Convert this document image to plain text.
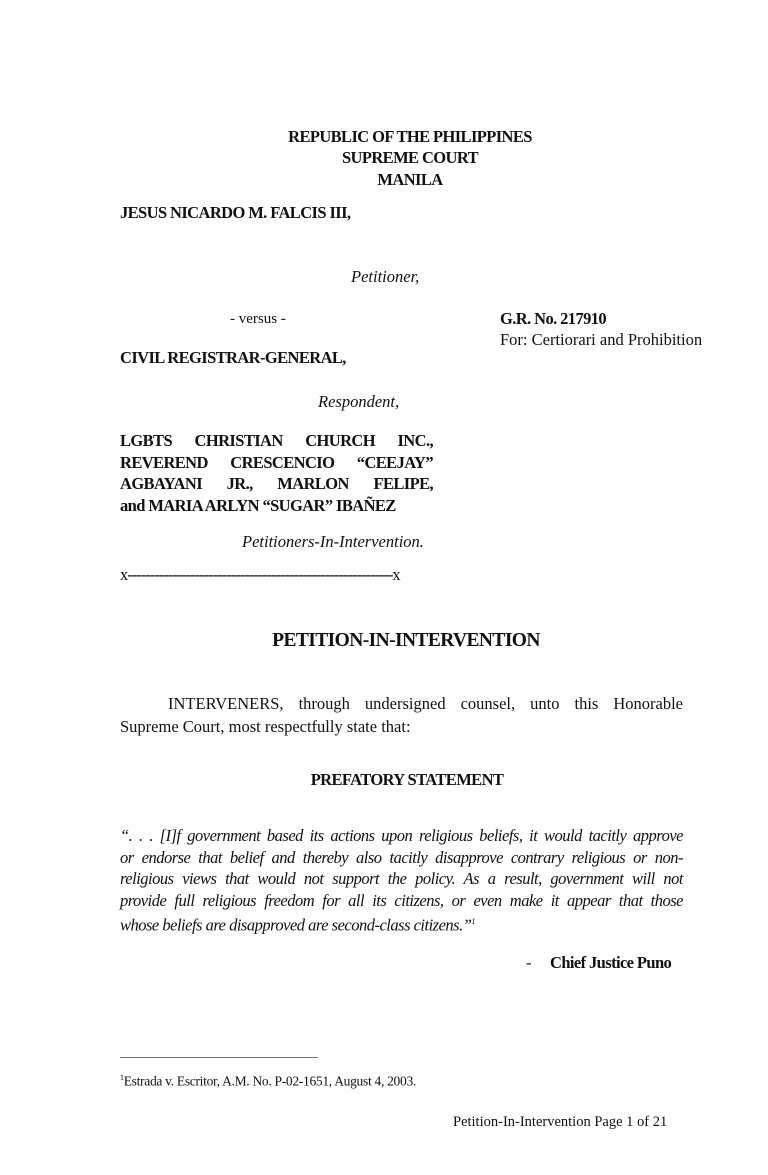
REPUBLIC OF THE PHILIPPINES
SUPREME COURT
MANILA
JESUS NICARDO M. FALCIS III,
Petitioner,
- versus -	G.R. No. 217910
For: Certiorari and Prohibition
CIVIL REGISTRAR-GENERAL,
Respondent,
LGBTS CHRISTIAN CHURCH INC.,
REVEREND CRESCENCIO “CEEJAY”
AGBAYANI JR., MARLON FELIPE,
and MARIA ARLYN “SUGAR” IBAÑEZ
Petitioners-In-Intervention.
x-----------------------------------------------------------x
PETITION-IN-INTERVENTION
INTERVENERS, through undersigned counsel, unto this Honorable
Supreme Court, most respectfully state that:
PREFATORY STATEMENT
“. . . [I]f government based its actions upon religious beliefs, it would tacitly approve
or endorse that belief and thereby also tacitly disapprove contrary religious or non-
religious views that would not support the policy. As a result, government will not
provide full religious freedom for all its citizens, or even make it appear that those
whose beliefs are disapproved are second-class citizens.”$^1$
- Chief Justice Puno
$^1$Estrada v. Escritor, A.M. No. P-02-1651, August 4, 2003.
Petition-In-Intervention Page 1 of 21
